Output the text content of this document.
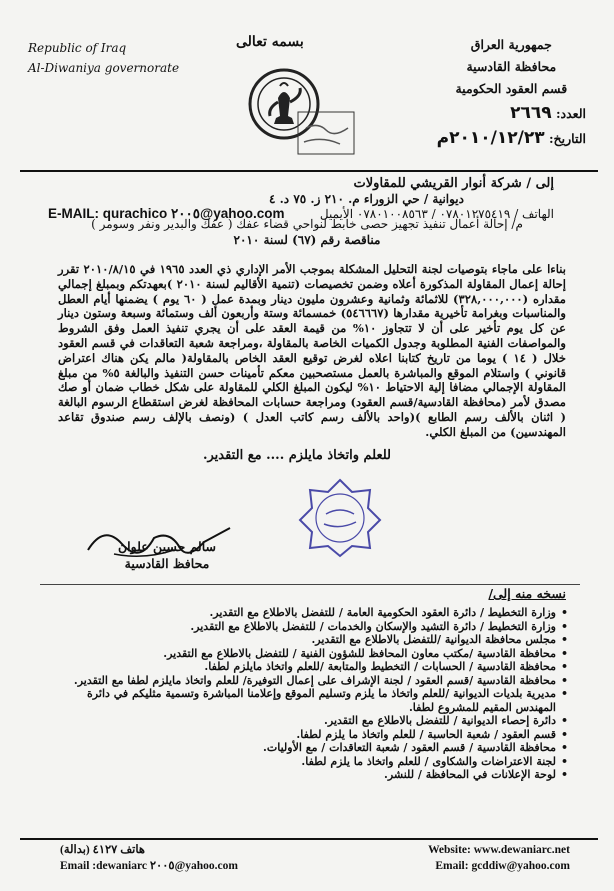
Republic of Iraq
Al-Diwaniya governorate
بسمه تعالى	جمهورية العراق
محافظة القادسية
قسم العقود الحكومية
العدد: ٢٦٦٩
التاريخ: ٢٠١٠/١٢/٢٣م
إلى / شركة أنوار القريشي للمقاولات
ديوانية / حي الزوراء م. ٢١٠ ز. ٧٥ د. ٤
E-MAIL: qurachico ٢٠٠٥@yahoo.com	الهاتف / ٠٧٨٠١٢٧٥٤١٩ / ٠٧٨٠١٠٠٨٥٦٣ الأيميل
م/ إحالة أعمال تنفيذ تجهيز حصى خابط لنواحي قضاء عفك ( عفك والبدير ونفر وسومر )
مناقصة رقم (٦٧) لسنة ٢٠١٠
بناءا على ماجاء بتوصيات لجنة التحليل المشكلة بموجب الأمر الإداري ذي العدد ١٩٦٥ في ٢٠١٠/٨/١٥ تقرر إحالة إعمال المقاولة المذكورة أعلاه وضمن تخصيصات (تنمية الأقاليم لسنة ٢٠١٠ )بعهدتكم وبمبلغ إجمالي مقداره (٣٢٨,٠٠٠,٠٠٠) للاثمائة وثمانية وعشرون مليون دينار وبمدة عمل ( ٦٠ يوم ) يضمنها أيام العطل والمناسبات وبغرامة تأخيرية مقدارها (٥٤٦٦٦٧) خمسمائة وستة وأربعون ألف وستمائة وسبعة وستون دينار عن كل يوم تأخير على أن لا تتجاوز ١٠% من قيمة العقد على أن يجري تنفيذ العمل وفق الشروط والمواصفات الفنية المطلوبة وجدول الكميات الخاصة بالمقاولة ،ومراجعة شعبة التعاقدات في قسم العقود خلال ( ١٤ ) يوما من تاريخ كتابنا اعلاه لغرض توقيع العقد الخاص بالمقاولة( مالم يكن هناك اعتراض قانوني ) واستلام الموقع والمباشرة بالعمل مستصحبين معكم تأمينات حسن التنفيذ والبالغة ٥% من مبلغ المقاولة الإجمالي مضافا إلية الاحتياط ١٠% ليكون المبلغ الكلي للمقاولة على شكل خطاب ضمان أو صك مصدق لأمر (محافظة القادسية/قسم العقود) ومراجعة حسابات المحافظة لغرض استقطاع الرسوم البالغة ( اثنان بالألف رسم الطابع )(واحد بالألف رسم كاتب العدل ) (ونصف بالإلف رسم صندوق تقاعد المهندسين) من المبلغ الكلي.
للعلم واتخاذ مايلزم .... مع التقدير.
سالم حسين علوان
محافظ القادسية
نسخه منه إلى/
• وزارة التخطيط / دائرة العقود الحكومية العامة / للتفضل بالاطلاع مع التقدير.
• وزارة التخطيط / دائرة التشيد والإسكان والخدمات / للتفضل بالاطلاع مع التقدير.
• مجلس محافظة الديوانية /للتفضل بالاطلاع مع التقدير.
• محافظة القادسية /مكتب معاون المحافظ للشؤون الفنية / للتفضل بالاطلاع مع التقدير.
• محافظة القادسية / الحسابات / التخطيط والمتابعة /للعلم واتخاذ مايلزم لطفا.
• محافظة القادسية /قسم العقود / لجنة الإشراف على إعمال التوفيرة/ للعلم واتخاذ مايلزم لطفا مع التقدير.
• مديرية بلديات الديوانية /للعلم واتخاذ ما يلزم وتسليم الموقع وإعلامنا المباشرة وتسمية مثليكم في دائرة المهندس المقيم للمشروع لطفا.
• دائرة إحصاء الديوانية / للتفضل بالاطلاع مع التقدير.
• قسم العقود / شعبة الحاسبة / للعلم واتخاذ ما يلزم لطفا.
• محافظة القادسية / قسم العقود / شعبة التعاقدات / مع الأوليات.
• لجنة الاعتراضات والشكاوى / للعلم واتخاذ ما يلزم لطفا.
• لوحة الإعلانات في المحافظة / للنشر.
هاتف ٤١٢٧ (بدالة)	Website: www.dewaniarc.net
Email :dewaniarc ٢٠٠٥@yahoo.com	Email: gcddiw@yahoo.com
